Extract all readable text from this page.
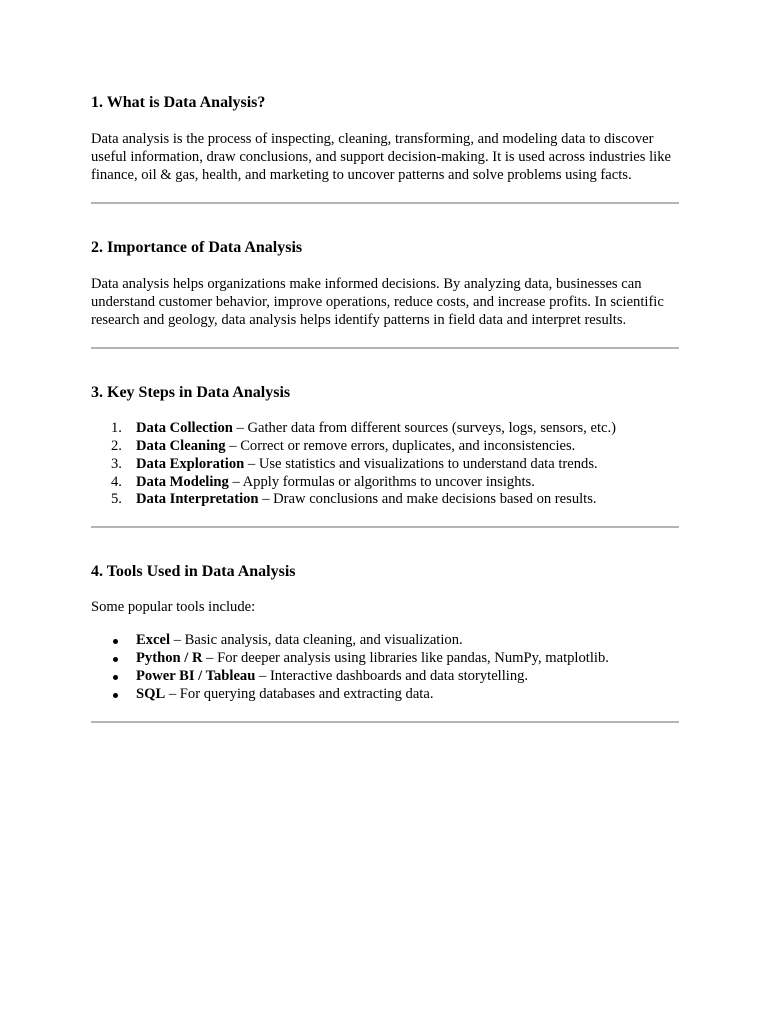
1. What is Data Analysis?

Data analysis is the process of inspecting, cleaning, transforming, and modeling data to discover useful information, draw conclusions, and support decision-making. It is used across industries like finance, oil & gas, health, and marketing to uncover patterns and solve problems using facts.

2. Importance of Data Analysis

Data analysis helps organizations make informed decisions. By analyzing data, businesses can understand customer behavior, improve operations, reduce costs, and increase profits. In scientific research and geology, data analysis helps identify patterns in field data and interpret results.

3. Key Steps in Data Analysis
1. Data Collection – Gather data from different sources (surveys, logs, sensors, etc.)
2. Data Cleaning – Correct or remove errors, duplicates, and inconsistencies.
3. Data Exploration – Use statistics and visualizations to understand data trends.
4. Data Modeling – Apply formulas or algorithms to uncover insights.
5. Data Interpretation – Draw conclusions and make decisions based on results.
4. Tools Used in Data Analysis

Some popular tools include:

Excel – Basic analysis, data cleaning, and visualization.
Python / R – For deeper analysis using libraries like pandas, NumPy, matplotlib.
Power BI / Tableau – Interactive dashboards and data storytelling.
SQL – For querying databases and extracting data.
